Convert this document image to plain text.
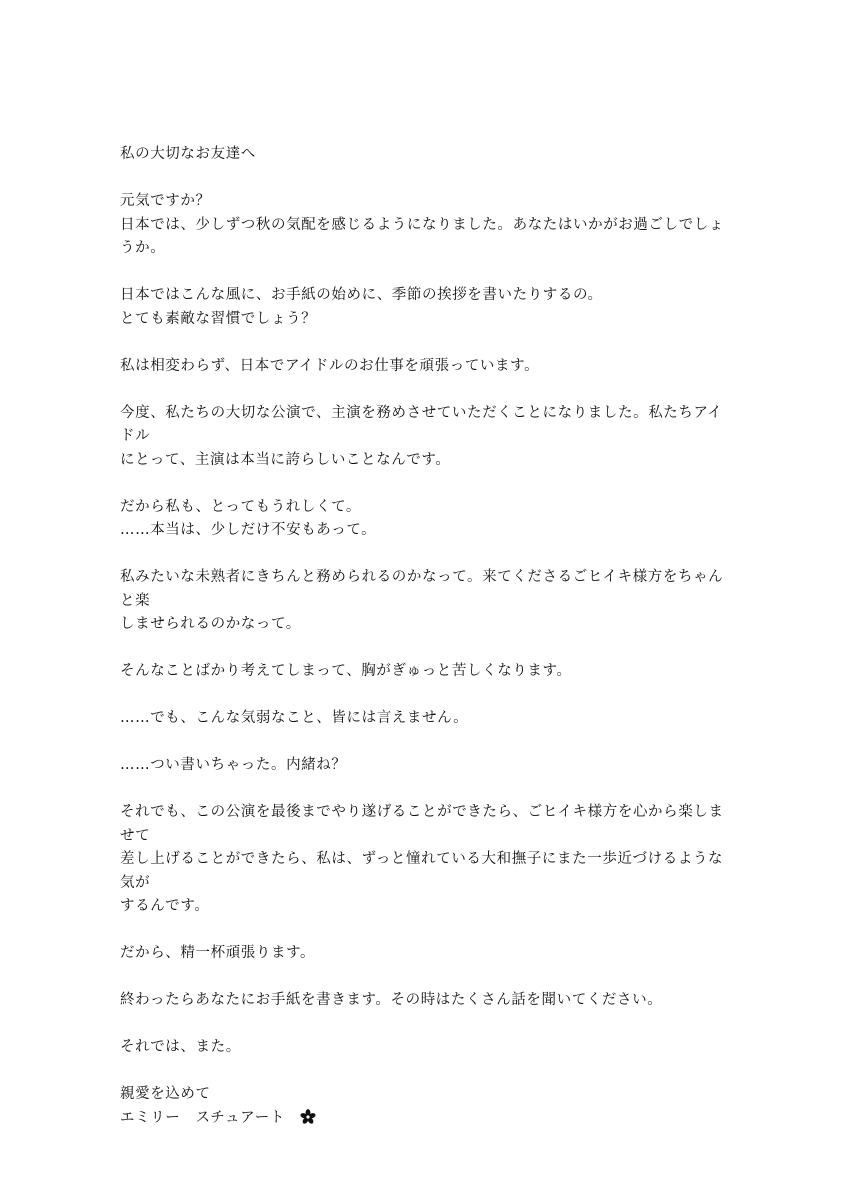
私の大切なお友達へ

元気ですか？
日本では、少しずつ秋の気配を感じるようになりました。あなたはいかがお過ごしでしょうか。

日本ではこんな風に、お手紙の始めに、季節の挨拶を書いたりするの。
とても素敵な習慣でしょう？

私は相変わらず、日本でアイドルのお仕事を頑張っています。

今度、私たちの大切な公演で、主演を務めさせていただくことになりました。私たちアイドル
にとって、主演は本当に誇らしいことなんです。

だから私も、とってもうれしくて。
……本当は、少しだけ不安もあって。

私みたいな未熟者にきちんと務められるのかなって。来てくださるごヒイキ様方をちゃんと楽
しませられるのかなって。

そんなことばかり考えてしまって、胸がぎゅっと苦しくなります。

……でも、こんな気弱なこと、皆には言えません。

……つい書いちゃった。内緒ね？

それでも、この公演を最後までやり遂げることができたら、ごヒイキ様方を心から楽しませて
差し上げることができたら、私は、ずっと憧れている大和撫子にまた一歩近づけるような気が
するんです。

だから、精一杯頑張ります。

終わったらあなたにお手紙を書きます。その時はたくさん話を聞いてください。

それでは、また。

親愛を込めて
エミリー　スチュアート
